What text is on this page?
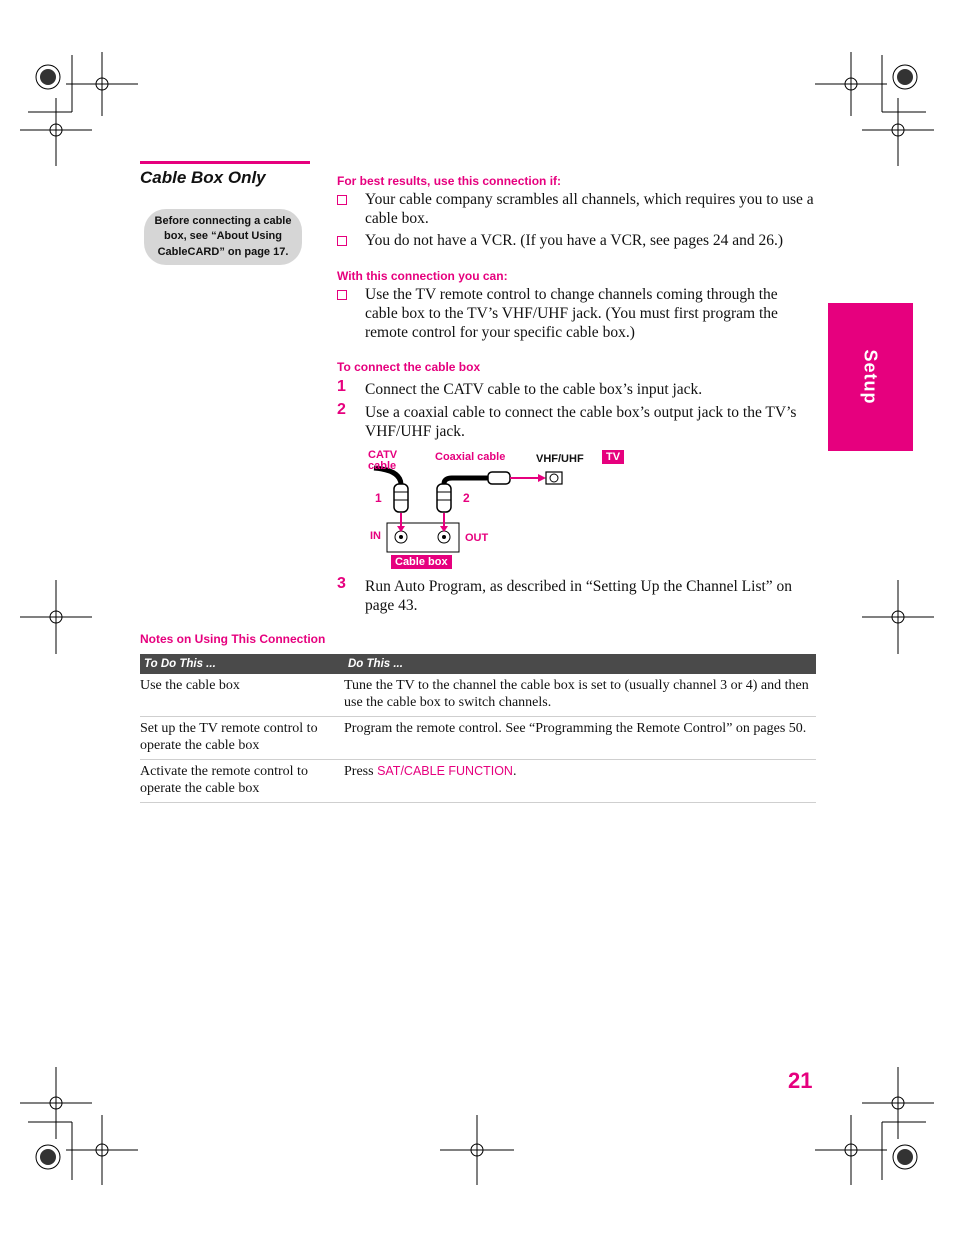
Cable Box Only
Before connecting a cable box, see “About Using CableCARD” on page 17.
Setup
For best results, use this connection if:
Your cable company scrambles all channels, which requires you to use a cable box.
You do not have a VCR. (If you have a VCR, see pages 24 and 26.)
With this connection you can:
Use the TV remote control to change channels coming through the cable box to the TV’s VHF/UHF jack. (You must first program the remote control for your specific cable box.)
To connect the cable box
1 Connect the CATV cable to the cable box’s input jack.
2 Use a coaxial cable to connect the cable box’s output jack to the TV’s VHF/UHF jack.
CATV
cable
Coaxial cable	VHF/UHF	TV
1	2
IN	OUT
Cable box
3 Run Auto Program, as described in “Setting Up the Channel List” on page 43.
Notes on Using This Connection
To Do This ...	Do This ...
Use the cable box	Tune the TV to the channel the cable box is set to (usually channel 3 or 4) and then use the cable box to switch channels.
Set up the TV remote control to operate the cable box	Program the remote control. See “Programming the Remote Control” on pages 50.
Activate the remote control to operate the cable box	Press SAT/CABLE FUNCTION.
21
